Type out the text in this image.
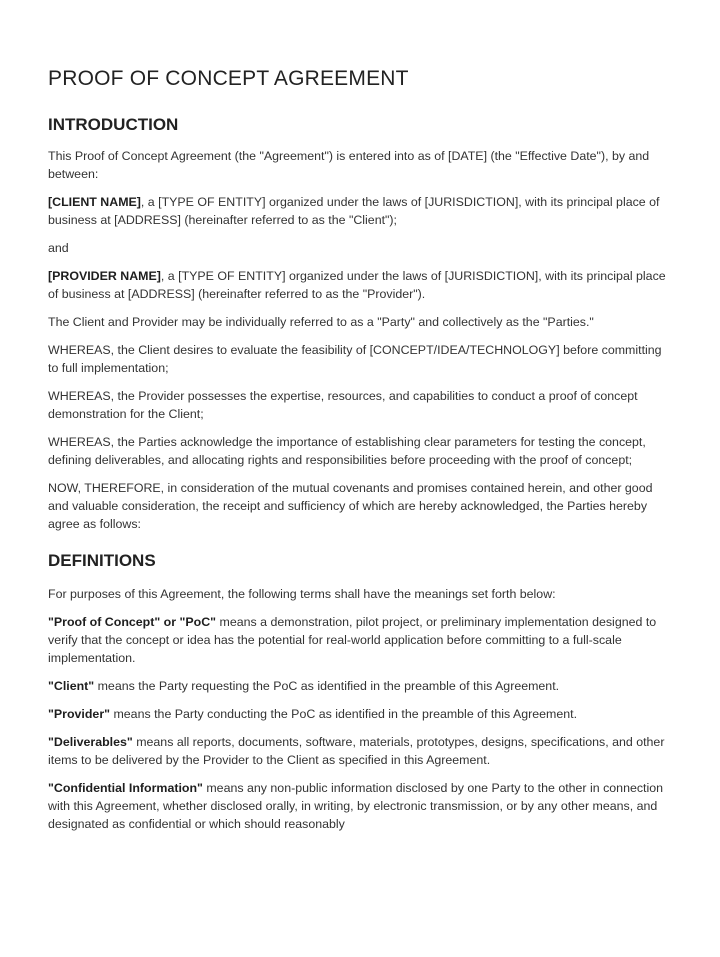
PROOF OF CONCEPT AGREEMENT
INTRODUCTION

This Proof of Concept Agreement (the "Agreement") is entered into as of [DATE] (the "Effective Date"), by and between:

[CLIENT NAME], a [TYPE OF ENTITY] organized under the laws of [JURISDICTION], with its principal place of business at [ADDRESS] (hereinafter referred to as the "Client");

and

[PROVIDER NAME], a [TYPE OF ENTITY] organized under the laws of [JURISDICTION], with its principal place of business at [ADDRESS] (hereinafter referred to as the "Provider").

The Client and Provider may be individually referred to as a "Party" and collectively as the "Parties."

WHEREAS, the Client desires to evaluate the feasibility of [CONCEPT/IDEA/TECHNOLOGY] before committing to full implementation;

WHEREAS, the Provider possesses the expertise, resources, and capabilities to conduct a proof of concept demonstration for the Client;

WHEREAS, the Parties acknowledge the importance of establishing clear parameters for testing the concept, defining deliverables, and allocating rights and responsibilities before proceeding with the proof of concept;

NOW, THEREFORE, in consideration of the mutual covenants and promises contained herein, and other good and valuable consideration, the receipt and sufficiency of which are hereby acknowledged, the Parties hereby agree as follows:

DEFINITIONS

For purposes of this Agreement, the following terms shall have the meanings set forth below:

"Proof of Concept" or "PoC" means a demonstration, pilot project, or preliminary implementation designed to verify that the concept or idea has the potential for real-world application before committing to a full-scale implementation.

"Client" means the Party requesting the PoC as identified in the preamble of this Agreement.

"Provider" means the Party conducting the PoC as identified in the preamble of this Agreement.

"Deliverables" means all reports, documents, software, materials, prototypes, designs, specifications, and other items to be delivered by the Provider to the Client as specified in this Agreement.

"Confidential Information" means any non-public information disclosed by one Party to the other in connection with this Agreement, whether disclosed orally, in writing, by electronic transmission, or by any other means, and designated as confidential or which should reasonably
